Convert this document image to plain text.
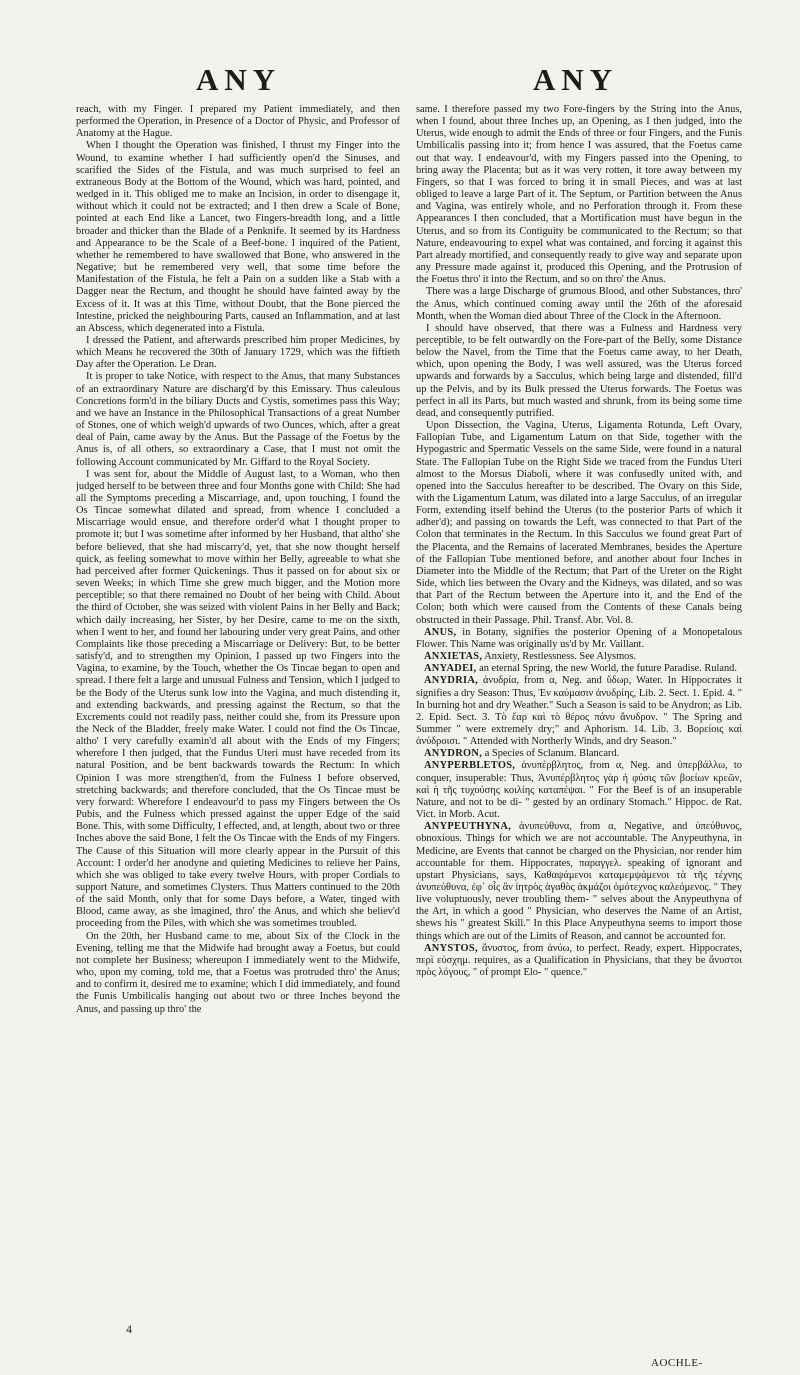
ANY	ANY

reach, with my Finger. I prepared my Patient immediately, and then performed the Operation, in Presence of a Doctor of Physic, and Professor of Anatomy at the Hague.

When I thought the Operation was finished, I thrust my Finger into the Wound, to examine whether I had sufficiently open'd the Sinuses, and scarified the Sides of the Fistula, and was much surprised to feel an extraneous Body at the Bottom of the Wound, which was hard, pointed, and wedged in it. This obliged me to make an Incision, in order to disengage it, without which it could not be extracted; and I then drew a Scale of Bone, pointed at each End like a Lancet, two Fingers-breadth long, and a little broader and thicker than the Blade of a Penknife. It seemed by its Hardness and Appearance to be the Scale of a Beef-bone. I inquired of the Patient, whether he remembered to have swallowed that Bone, who answered in the Negative; but he remembered very well, that some time before the Manifestation of the Fistula, he felt a Pain on a sudden like a Stab with a Dagger near the Rectum, and thought he should have fainted away by the Excess of it. It was at this Time, without Doubt, that the Bone pierced the Intestine, pricked the neighbouring Parts, caused an Inflammation, and at last an Abscess, which degenerated into a Fistula.

I dressed the Patient, and afterwards prescribed him proper Medicines, by which Means he recovered the 30th of January 1729, which was the fiftieth Day after the Operation. Le Dran.

It is proper to take Notice, with respect to the Anus, that many Substances of an extraordinary Nature are discharg'd by this Emissary. Thus caleulous Concretions form'd in the biliary Ducts and Cystis, sometimes pass this Way; and we have an Instance in the Philosophical Transactions of a great Number of Stones, one of which weigh'd upwards of two Ounces, which, after a great deal of Pain, came away by the Anus. But the Passage of the Foetus by the Anus is, of all others, so extraordinary a Case, that I must not omit the following Account communicated by Mr. Giffard to the Royal Society.

I was sent for, about the Middle of August last, to a Woman, who then judged herself to be between three and four Months gone with Child: She had all the Symptoms preceding a Miscarriage, and, upon touching, I found the Os Tincae somewhat dilated and spread, from whence I concluded a Miscarriage would ensue, and therefore order'd what I thought proper to promote it; but I was sometime after informed by her Husband, that altho' she before believed, that she had miscarry'd, yet, that she now thought herself quick, as feeling somewhat to move within her Belly, agreeable to what she had perceived after former Quickenings. Thus it passed on for about six or seven Weeks; in which Time she grew much bigger, and the Motion more perceptible; so that there remained no Doubt of her being with Child. About the third of October, she was seized with violent Pains in her Belly and Back; which daily increasing, her Sister, by her Desire, came to me on the sixth, when I went to her, and found her labouring under very great Pains, and other Complaints like those preceding a Miscarriage or Delivery: But, to be better satisfy'd, and to strengthen my Opinion, I passed up two Fingers into the Vagina, to examine, by the Touch, whether the Os Tincae began to open and spread. I there felt a large and unusual Fulness and Tension, which I judged to be the Body of the Uterus sunk low into the Vagina, and much distending it, and extending backwards, and pressing against the Rectum, so that the Excrements could not readily pass, neither could she, from its Pressure upon the Neck of the Bladder, freely make Water. I could not find the Os Tincae, altho' I very carefully examin'd all about with the Ends of my Fingers; wherefore I then judged, that the Fundus Uteri must have receded from its natural Position, and be bent backwards towards the Rectum: In which Opinion I was more strengthen'd, from the Fulness I before observed, stretching backwards; and therefore concluded, that the Os Tincae must be very forward: Wherefore I endeavour'd to pass my Fingers between the Os Pubis, and the Fulness which pressed against the upper Edge of the said Bone. This, with some Difficulty, I effected, and, at length, about two or three Inches above the said Bone, I felt the Os Tincae with the Ends of my Fingers. The Cause of this Situation will more clearly appear in the Pursuit of this Account: I order'd her anodyne and quieting Medicines to relieve her Pains, which she was obliged to take every twelve Hours, with proper Cordials to support Nature, and sometimes Clysters. Thus Matters continued to the 20th of the said Month, only that for some Days before, a Water, tinged with Blood, came away, as she imagined, thro' the Anus, and which she believ'd proceeding from the Piles, with which she was sometimes troubled.

On the 20th, her Husband came to me, about Six of the Clock in the Evening, telling me that the Midwife had brought away a Foetus, but could not complete her Business; whereupon I immediately went to the Midwife, who, upon my coming, told me, that a Foetus was protruded thro' the Anus; and to confirm it, desired me to examine; which I did immediately, and found the Funis Umbilicalis hanging out about two or three Inches beyond the Anus, and passing up thro' the

same. I therefore passed my two Fore-fingers by the String into the Anus, when I found, about three Inches up, an Opening, as I then judged, into the Uterus, wide enough to admit the Ends of three or four Fingers, and the Funis Umbilicalis passing into it; from hence I was assured, that the Foetus came out that way. I endeavour'd, with my Fingers passed into the Opening, to bring away the Placenta; but as it was very rotten, it tore away between my Fingers, so that I was forced to bring it in small Pieces, and was at last obliged to leave a large Part of it. The Septum, or Partition between the Anus and Vagina, was entirely whole, and no Perforation through it. From these Appearances I then concluded, that a Mortification must have begun in the Uterus, and so from its Contiguity be communicated to the Rectum; so that Nature, endeavouring to expel what was contained, and forcing it against this Part already mortified, and consequently ready to give way and separate upon any Pressure made against it, produced this Opening, and the Protrusion of the Foetus thro' it into the Rectum, and so on thro' the Anus.

There was a large Discharge of grumous Blood, and other Substances, thro' the Anus, which continued coming away until the 26th of the aforesaid Month, when the Woman died about Three of the Clock in the Afternoon.

I should have observed, that there was a Fulness and Hardness very perceptible, to be felt outwardly on the Fore-part of the Belly, some Distance below the Navel, from the Time that the Foetus came away, to her Death, which, upon opening the Body, I was well assured, was the Uterus forced upwards and forwards by a Sacculus, which being large and distended, fill'd up the Pelvis, and by its Bulk pressed the Uterus forwards. The Foetus was perfect in all its Parts, but much wasted and shrunk, from its being some time dead, and consequently putrified.

Upon Dissection, the Vagina, Uterus, Ligamenta Rotunda, Left Ovary, Fallopian Tube, and Ligamentum Latum on that Side, together with the Hypogastric and Spermatic Vessels on the same Side, were found in a natural State. The Fallopian Tube on the Right Side we traced from the Fundus Uteri almost to the Morsus Diaboli, where it was confusedly united with, and opened into the Sacculus hereafter to be described. The Ovary on this Side, with the Ligamentum Latum, was dilated into a large Sacculus, of an irregular Form, extending itself behind the Uterus (to the posterior Parts of which it adher'd); and passing on towards the Left, was connected to that Part of the Colon that terminates in the Rectum. In this Sacculus we found great Part of the Placenta, and the Remains of lacerated Membranes, besides the Aperture of the Fallopian Tube mentioned before, and another about four Inches in Diameter into the Middle of the Rectum; that Part of the Ureter on the Right Side, which lies between the Ovary and the Kidneys, was dilated, and so was that Part of the Rectum between the Aperture into it, and the End of the Colon; both which were caused from the Contents of these Canals being obstructed in their Passage. Phil. Transf. Abr. Vol. 8.

ANUS, in Botany, signifies the posterior Opening of a Monopetalous Flower. This Name was originally us'd by Mr. Vaillant.

ANXIETAS, Anxiety, Restlessness. See Alysmos.

ANYADEI, an eternal Spring, the new World, the future Paradise. Ruland.

ANYDRIA, ἀνυδρία, from α, Neg. and ὕδωρ, Water. In Hippocrates it signifies a dry Season: Thus, Ἐν καύμασιν ἀνυδρίης, Lib. 2. Sect. 1. Epid. 4. " In burning hot and dry Weather." Such a Season is said to be Anydron; as Lib. 2. Epid. Sect. 3. Τὸ ἔαρ καὶ τὸ θέρος πάνυ ἄνυδρον. " The Spring and Summer " were extremely dry;" and Aphorism. 14. Lib. 3. Βορείοις καὶ ἀνύδροισι. " Attended with Northerly Winds, and dry Season."

ANYDRON, a Species of Sclanum. Blancard.

ANYPERBLETOS, ἀνυπέρβλητος, from α, Neg. and ὑπερβάλλω, to conquer, insuperable: Thus, Ἀνυπέρβλητος γὰρ ἡ φύσις τῶν βοείων κρεῶν, καὶ ἡ τῆς τυχούσης κοιλίης καταπέψαι. " For the Beef is of an insuperable Nature, and not to be di- " gested by an ordinary Stomach." Hippoc. de Rat. Vict. in Morb. Acut.

ANYPEUTHYNA, ἀνυπεύθυνα, from α, Negative, and ὑπεύθυνος, obnoxious. Things for which we are not accountable. The Anypeuthyna, in Medicine, are Events that cannot be charged on the Physician, nor render him accountable for them. Hippocrates, παραγγελ. speaking of ignorant and upstart Physicians, says, Καθαψάμενοι καταμεμψάμενοι τὰ τῆς τέχνης ἀνυπεύθυνα, ἐφ᾽ οἷς ἂν ἰητρὸς ἀγαθὸς ἀκμάζοι ὁμότεχνος καλεόμενος. " They live voluptuously, never troubling them- " selves about the Anypeuthyna of the Art, in which a good " Physician, who deserves the Name of an Artist, shews his " greatest Skill." In this Place Anypeuthyna seems to import those things which are out of the Limits of Reason, and cannot be accounted for.

ANYSTOS, ἄνυστος, from ἀνύω, to perfect. Ready, expert. Hippocrates, περὶ εὐσχημ. requires, as a Qualification in Physicians, that they be ἄνυστοι πρὸς λόγους, " of prompt Elo- " quence."

4
AOCHLE-
